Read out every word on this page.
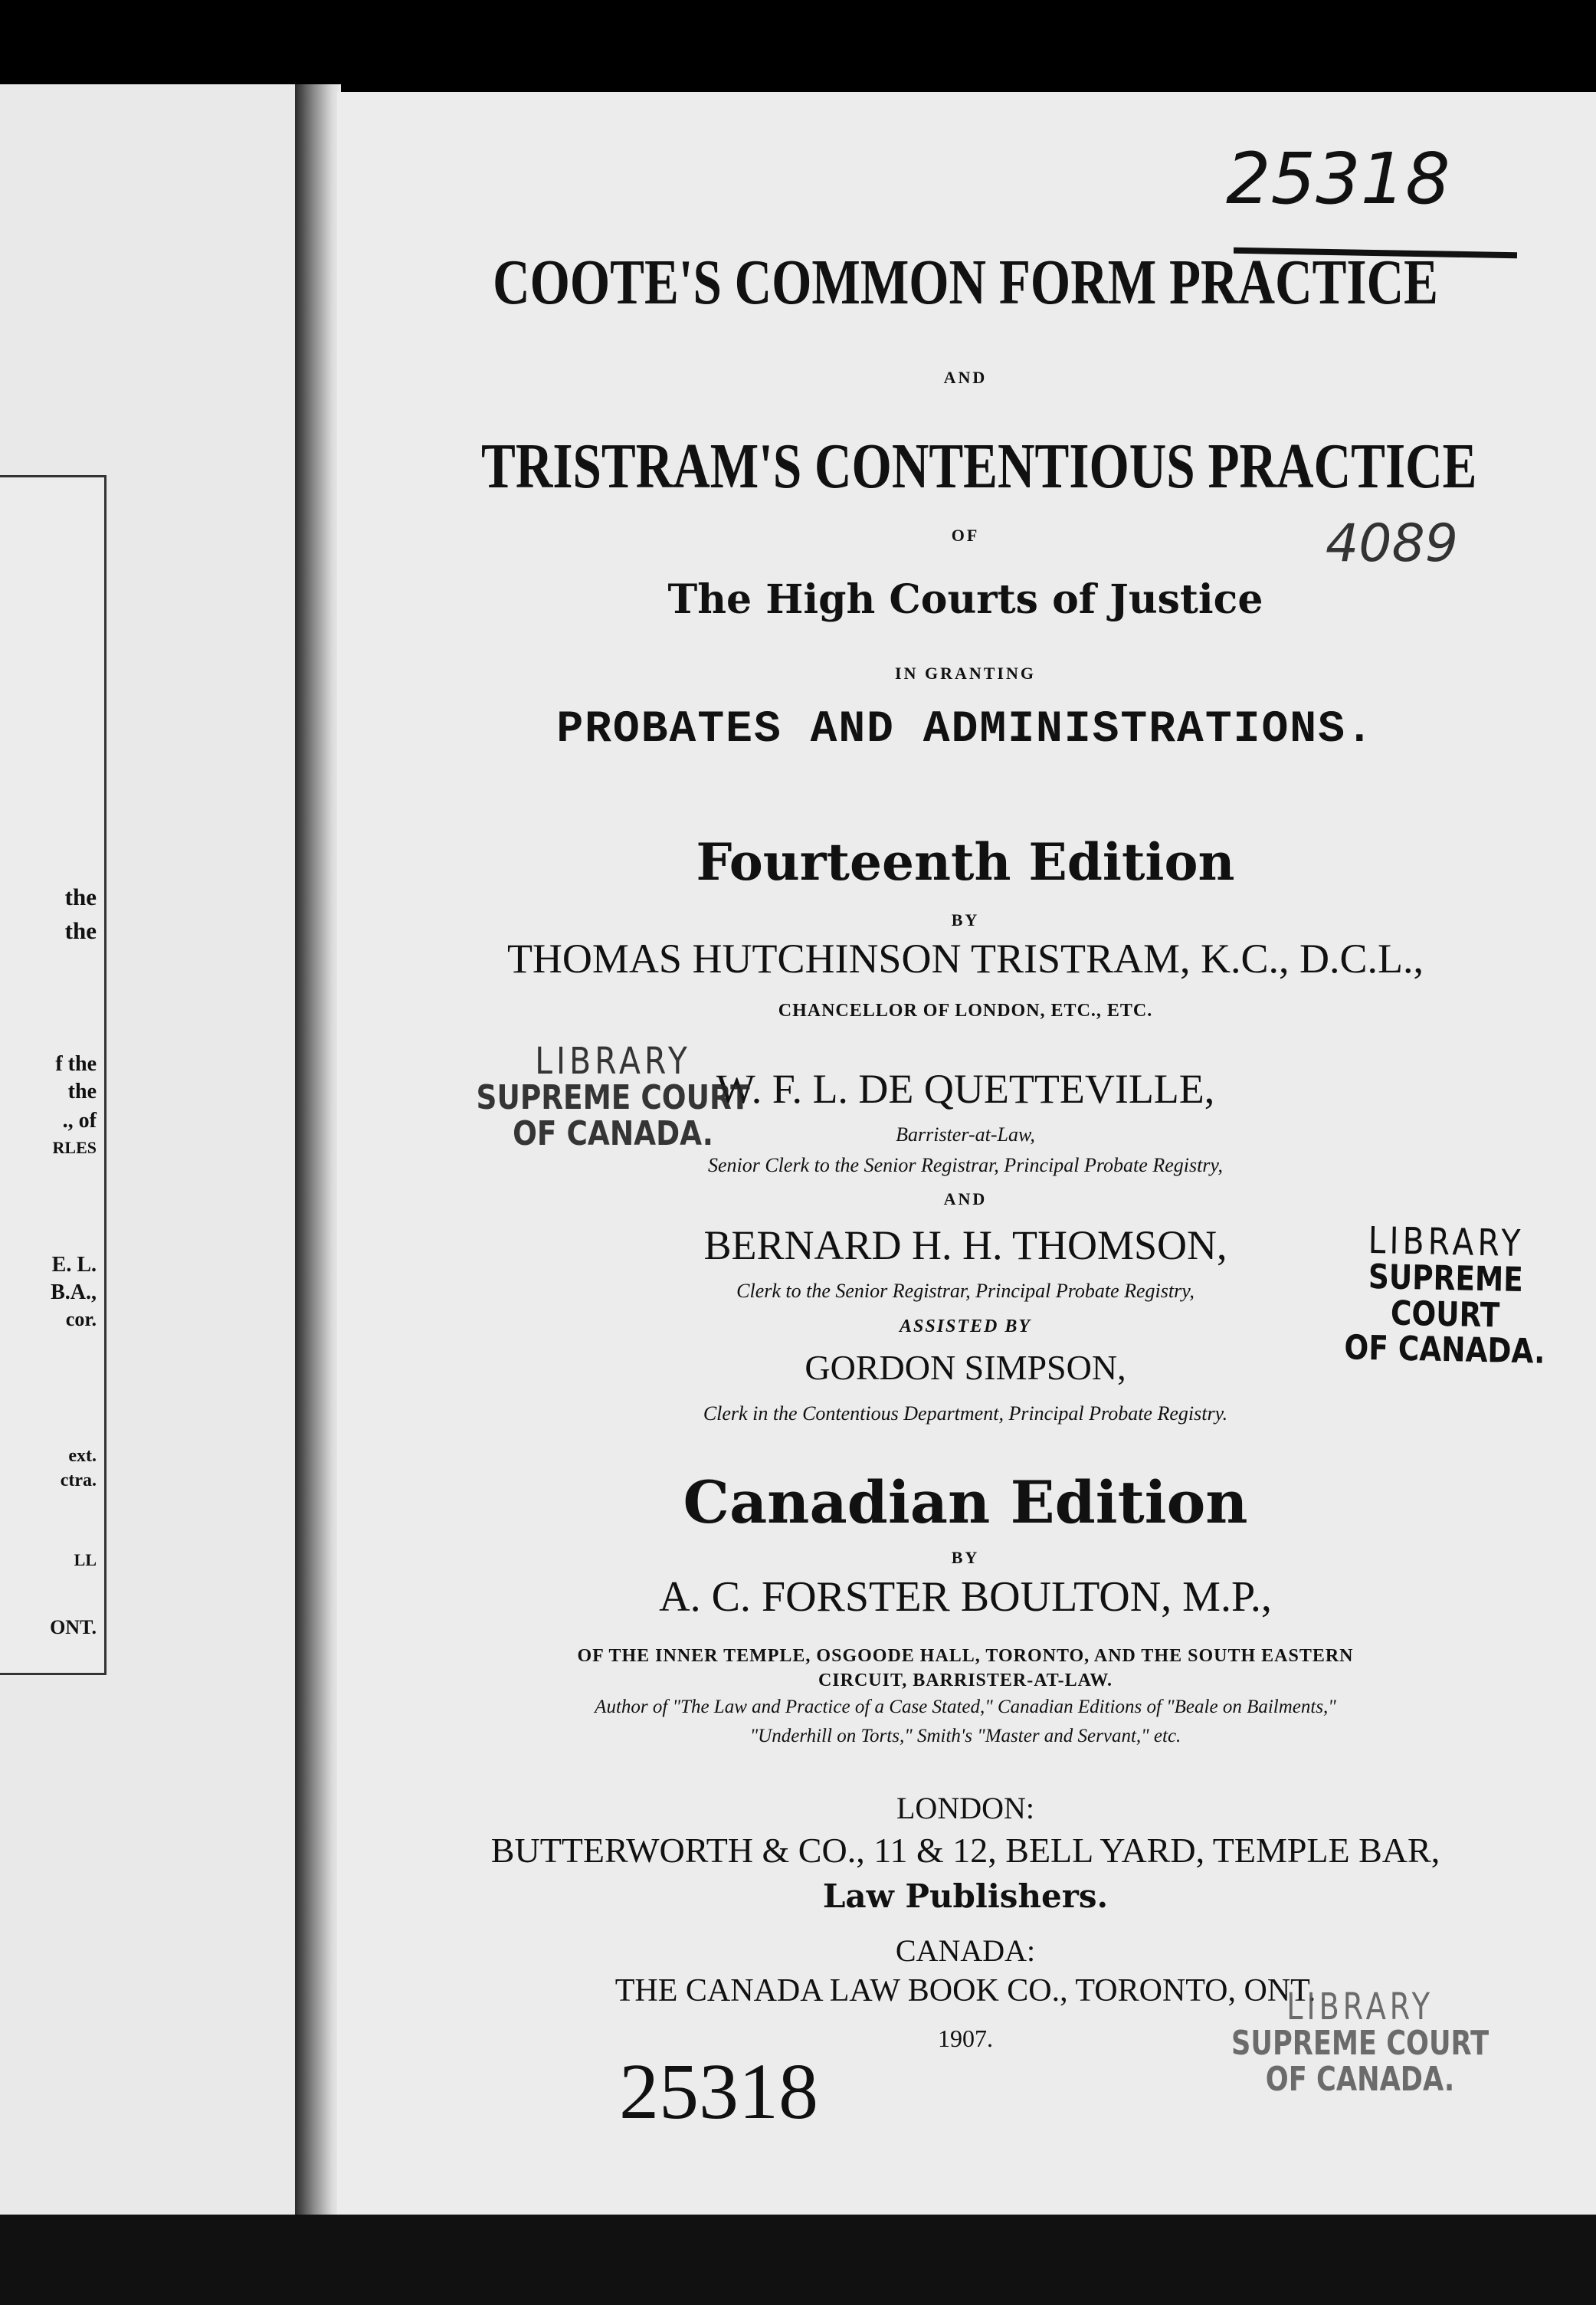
the
the
f the
the
., of
RLES
E. L.
B.A.,
cor.
ext.
ctra.
LL
ONT.
25318
4089
COOTE'S COMMON FORM PRACTICE
AND
TRISTRAM'S CONTENTIOUS PRACTICE
OF
The High Courts of Justice
IN GRANTING
PROBATES AND ADMINISTRATIONS.
Fourteenth Edition
BY
THOMAS HUTCHINSON TRISTRAM, K.C., D.C.L.,
CHANCELLOR OF LONDON, ETC., ETC.
W. F. L. DE QUETTEVILLE,
Barrister-at-Law,
Senior Clerk to the Senior Registrar, Principal Probate Registry,
AND
BERNARD H. H. THOMSON,
Clerk to the Senior Registrar, Principal Probate Registry,
ASSISTED BY
GORDON SIMPSON,
Clerk in the Contentious Department, Principal Probate Registry.
Canadian Edition
BY
A. C. FORSTER BOULTON, M.P.,
OF THE INNER TEMPLE, OSGOODE HALL, TORONTO, AND THE SOUTH EASTERN
CIRCUIT, BARRISTER-AT-LAW.
Author of "The Law and Practice of a Case Stated," Canadian Editions of "Beale on Bailments,"
"Underhill on Torts," Smith's "Master and Servant," etc.
LONDON:
BUTTERWORTH & CO., 11 & 12, BELL YARD, TEMPLE BAR,
Law Publishers.
CANADA:
THE CANADA LAW BOOK CO., TORONTO, ONT.
1907.
25318
LIBRARY
SUPREME COURT
OF CANADA.
LIBRARY
SUPREME COURT
OF CANADA.
LIBRARY
SUPREME COURT
OF CANADA.
